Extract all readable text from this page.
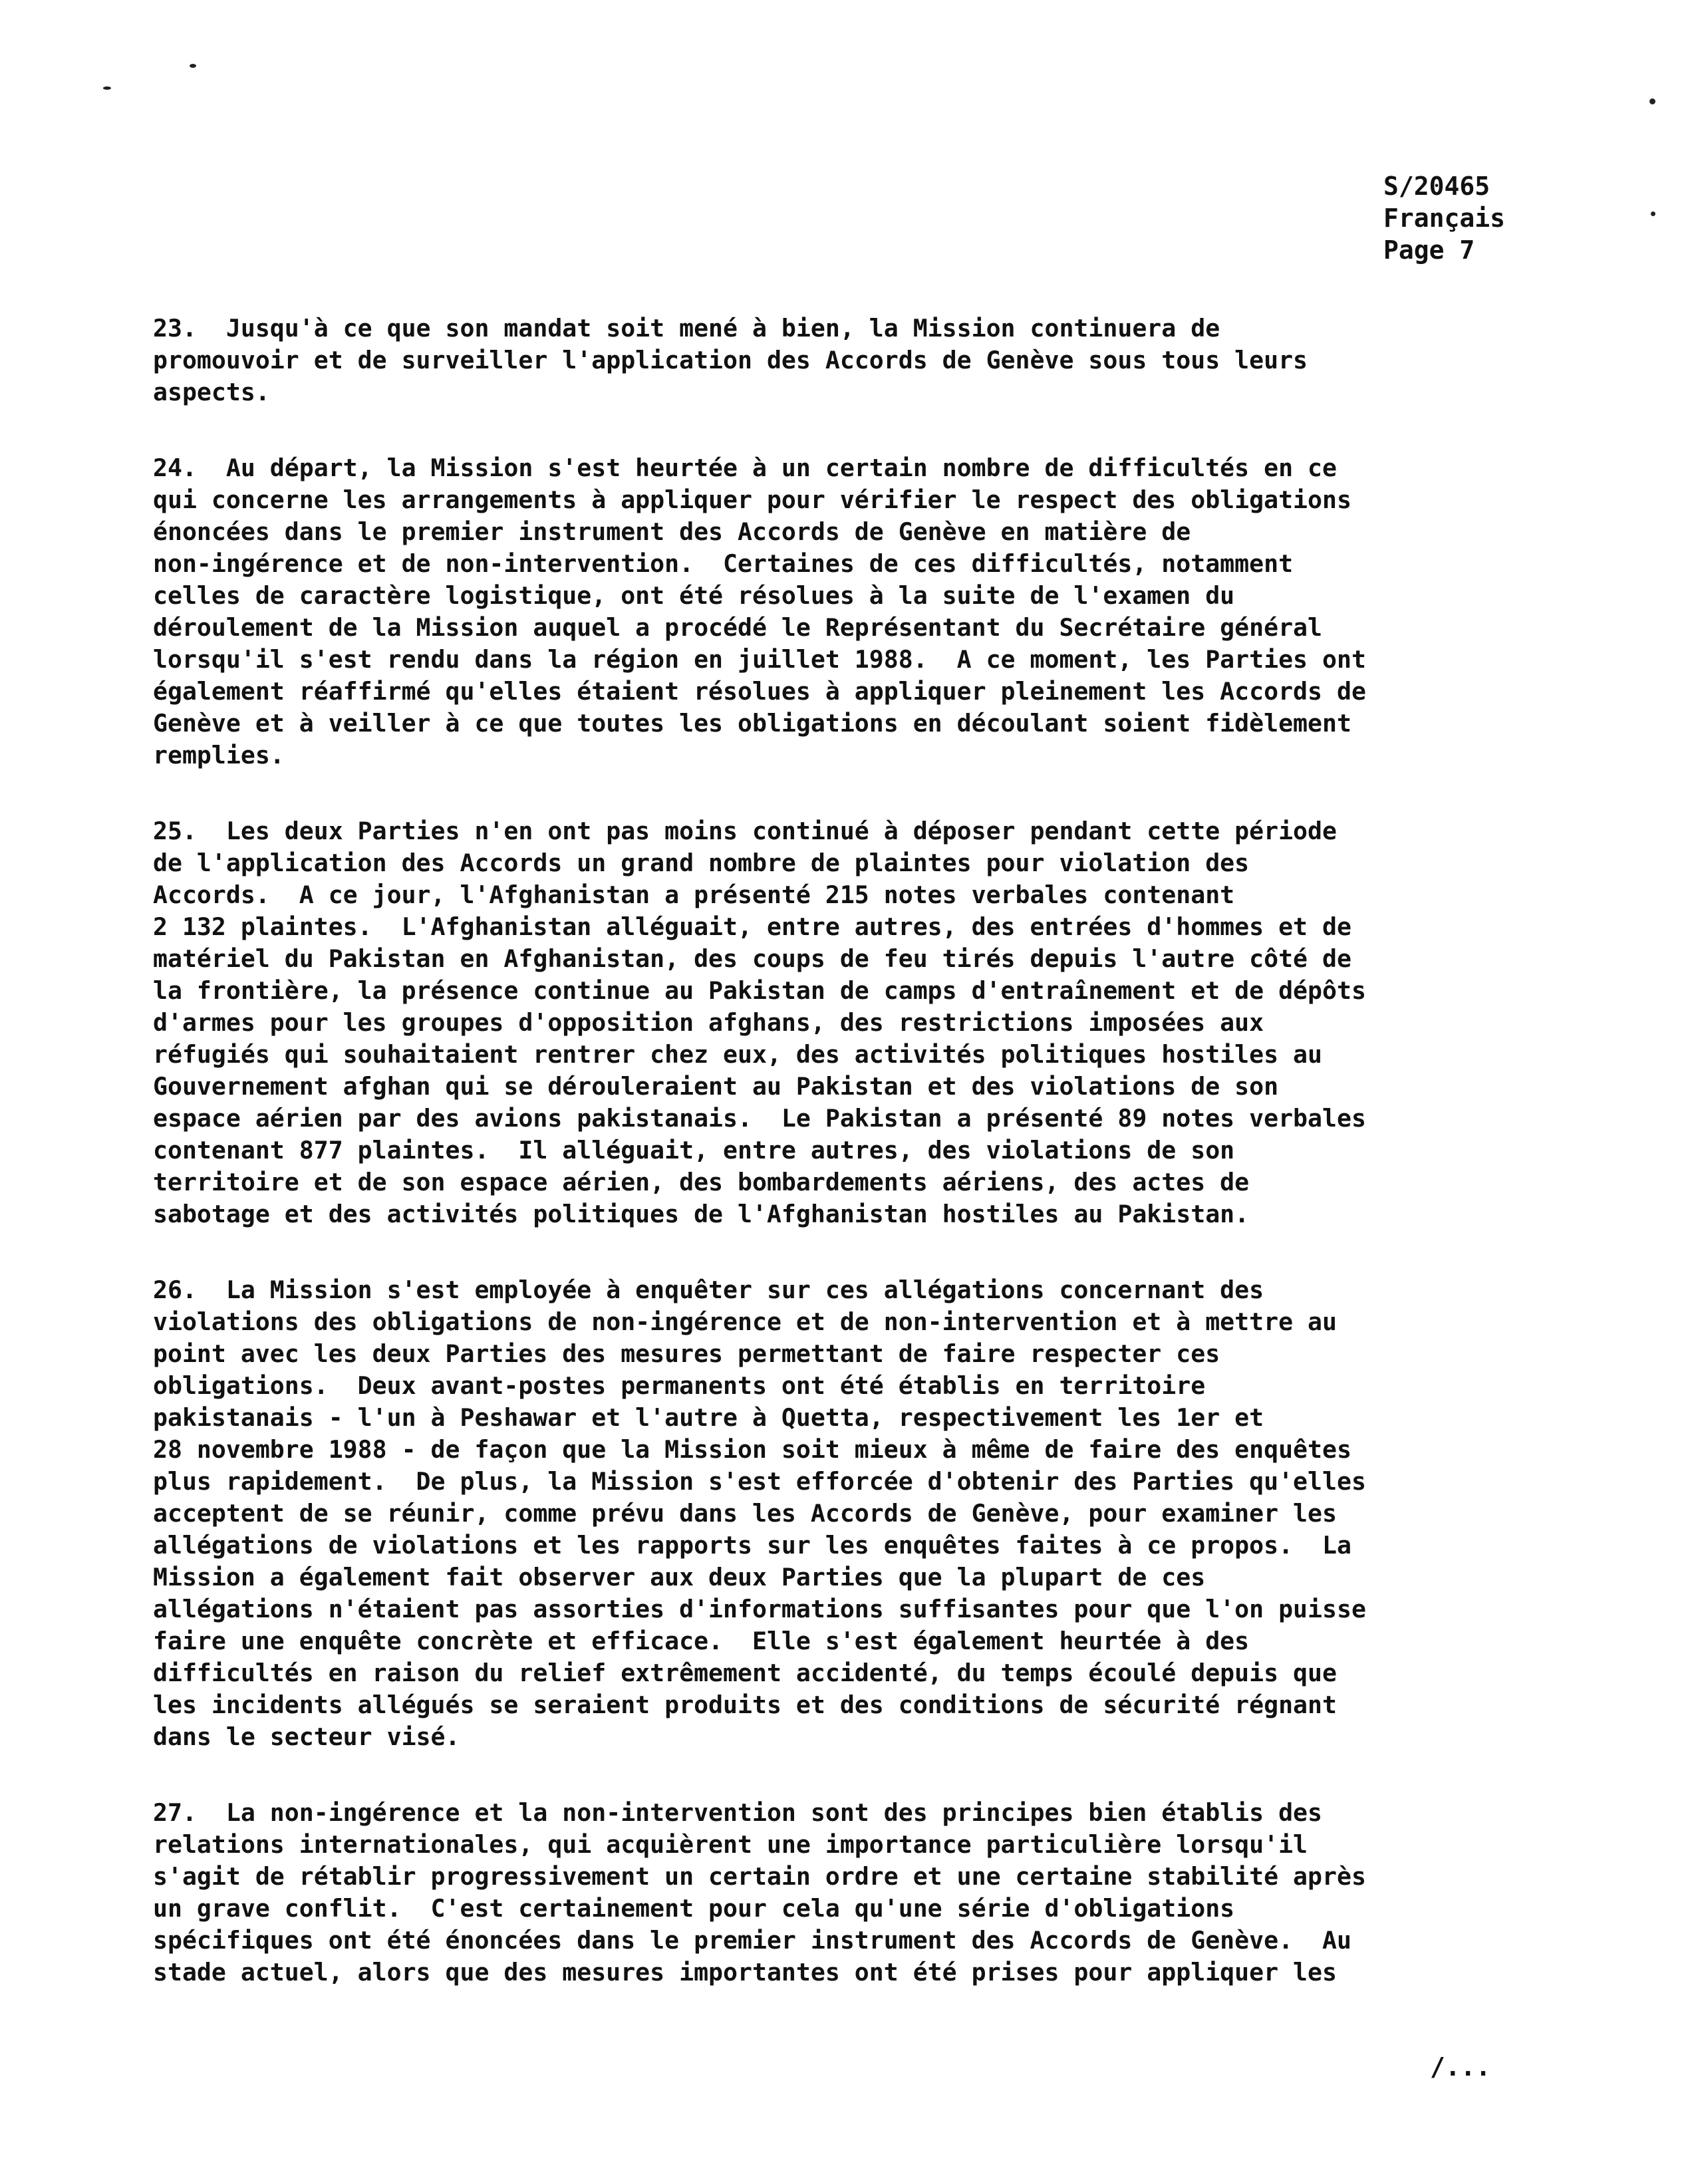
S/20465
Français
Page 7
23.  Jusqu'à ce que son mandat soit mené à bien, la Mission continuera de
promouvoir et de surveiller l'application des Accords de Genève sous tous leurs
aspects.
24.  Au départ, la Mission s'est heurtée à un certain nombre de difficultés en ce
qui concerne les arrangements à appliquer pour vérifier le respect des obligations
énoncées dans le premier instrument des Accords de Genève en matière de
non-ingérence et de non-intervention.  Certaines de ces difficultés, notamment
celles de caractère logistique, ont été résolues à la suite de l'examen du
déroulement de la Mission auquel a procédé le Représentant du Secrétaire général
lorsqu'il s'est rendu dans la région en juillet 1988.  A ce moment, les Parties ont
également réaffirmé qu'elles étaient résolues à appliquer pleinement les Accords de
Genève et à veiller à ce que toutes les obligations en découlant soient fidèlement
remplies.
25.  Les deux Parties n'en ont pas moins continué à déposer pendant cette période
de l'application des Accords un grand nombre de plaintes pour violation des
Accords.  A ce jour, l'Afghanistan a présenté 215 notes verbales contenant
2 132 plaintes.  L'Afghanistan alléguait, entre autres, des entrées d'hommes et de
matériel du Pakistan en Afghanistan, des coups de feu tirés depuis l'autre côté de
la frontière, la présence continue au Pakistan de camps d'entraînement et de dépôts
d'armes pour les groupes d'opposition afghans, des restrictions imposées aux
réfugiés qui souhaitaient rentrer chez eux, des activités politiques hostiles au
Gouvernement afghan qui se dérouleraient au Pakistan et des violations de son
espace aérien par des avions pakistanais.  Le Pakistan a présenté 89 notes verbales
contenant 877 plaintes.  Il alléguait, entre autres, des violations de son
territoire et de son espace aérien, des bombardements aériens, des actes de
sabotage et des activités politiques de l'Afghanistan hostiles au Pakistan.
26.  La Mission s'est employée à enquêter sur ces allégations concernant des
violations des obligations de non-ingérence et de non-intervention et à mettre au
point avec les deux Parties des mesures permettant de faire respecter ces
obligations.  Deux avant-postes permanents ont été établis en territoire
pakistanais - l'un à Peshawar et l'autre à Quetta, respectivement les 1er et
28 novembre 1988 - de façon que la Mission soit mieux à même de faire des enquêtes
plus rapidement.  De plus, la Mission s'est efforcée d'obtenir des Parties qu'elles
acceptent de se réunir, comme prévu dans les Accords de Genève, pour examiner les
allégations de violations et les rapports sur les enquêtes faites à ce propos.  La
Mission a également fait observer aux deux Parties que la plupart de ces
allégations n'étaient pas assorties d'informations suffisantes pour que l'on puisse
faire une enquête concrète et efficace.  Elle s'est également heurtée à des
difficultés en raison du relief extrêmement accidenté, du temps écoulé depuis que
les incidents allégués se seraient produits et des conditions de sécurité régnant
dans le secteur visé.
27.  La non-ingérence et la non-intervention sont des principes bien établis des
relations internationales, qui acquièrent une importance particulière lorsqu'il
s'agit de rétablir progressivement un certain ordre et une certaine stabilité après
un grave conflit.  C'est certainement pour cela qu'une série d'obligations
spécifiques ont été énoncées dans le premier instrument des Accords de Genève.  Au
stade actuel, alors que des mesures importantes ont été prises pour appliquer les
/...
